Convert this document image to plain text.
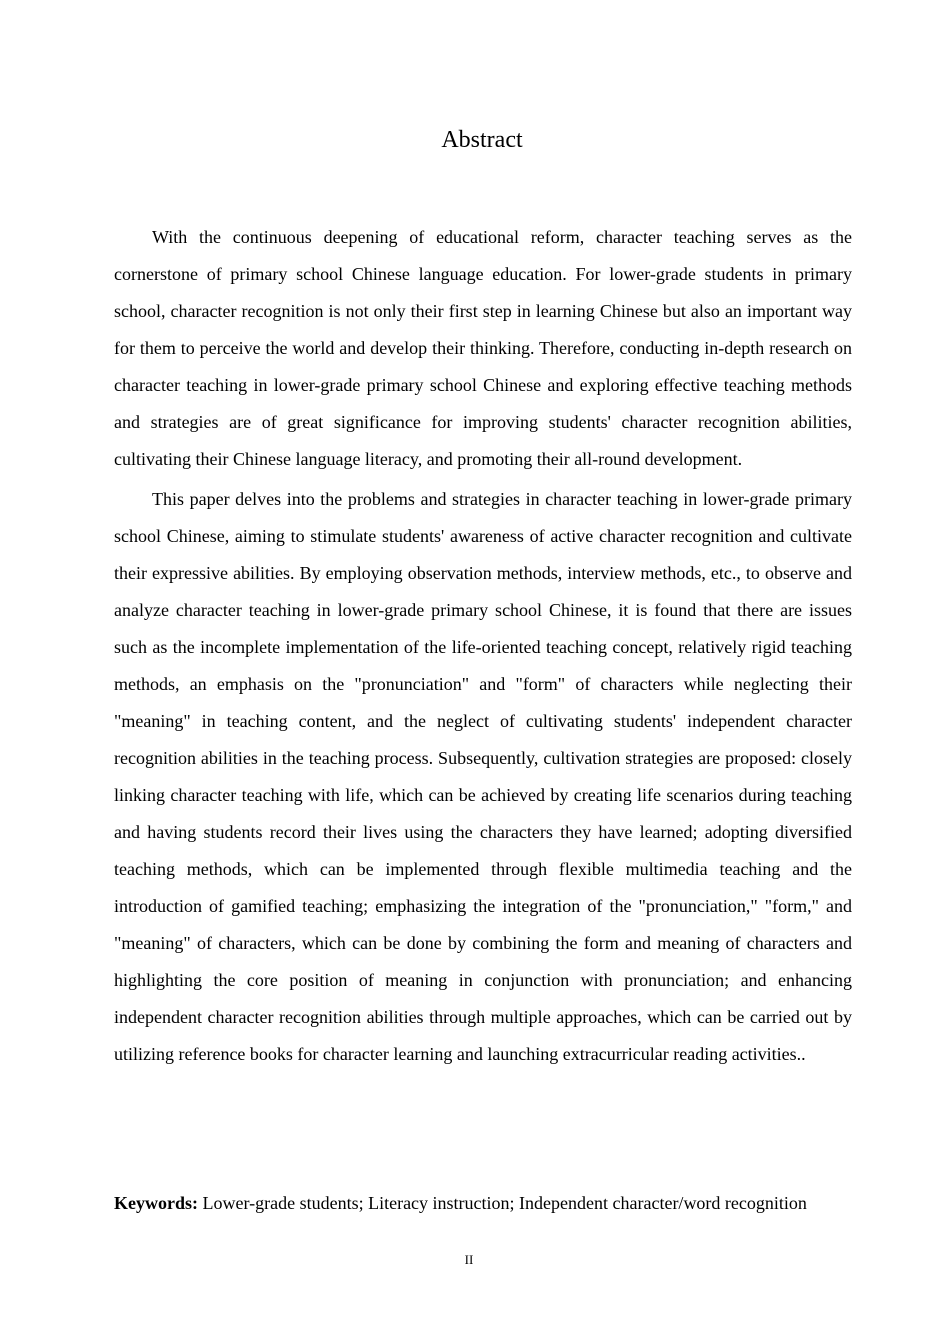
Abstract

With the continuous deepening of educational reform, character teaching serves as the cornerstone of primary school Chinese language education. For lower-grade students in primary school, character recognition is not only their first step in learning Chinese but also an important way for them to perceive the world and develop their thinking. Therefore, conducting in-depth research on character teaching in lower-grade primary school Chinese and exploring effective teaching methods and strategies are of great significance for improving students' character recognition abilities, cultivating their Chinese language literacy, and promoting their all-round development.

This paper delves into the problems and strategies in character teaching in lower-grade primary school Chinese, aiming to stimulate students' awareness of active character recognition and cultivate their expressive abilities. By employing observation methods, interview methods, etc., to observe and analyze character teaching in lower-grade primary school Chinese, it is found that there are issues such as the incomplete implementation of the life-oriented teaching concept, relatively rigid teaching methods, an emphasis on the "pronunciation" and "form" of characters while neglecting their "meaning" in teaching content, and the neglect of cultivating students' independent character recognition abilities in the teaching process. Subsequently, cultivation strategies are proposed: closely linking character teaching with life, which can be achieved by creating life scenarios during teaching and having students record their lives using the characters they have learned; adopting diversified teaching methods, which can be implemented through flexible multimedia teaching and the introduction of gamified teaching; emphasizing the integration of the "pronunciation," "form," and "meaning" of characters, which can be done by combining the form and meaning of characters and highlighting the core position of meaning in conjunction with pronunciation; and enhancing independent character recognition abilities through multiple approaches, which can be carried out by utilizing reference books for character learning and launching extracurricular reading activities..

Keywords: Lower-grade students; Literacy instruction; Independent character/word recognition

II
